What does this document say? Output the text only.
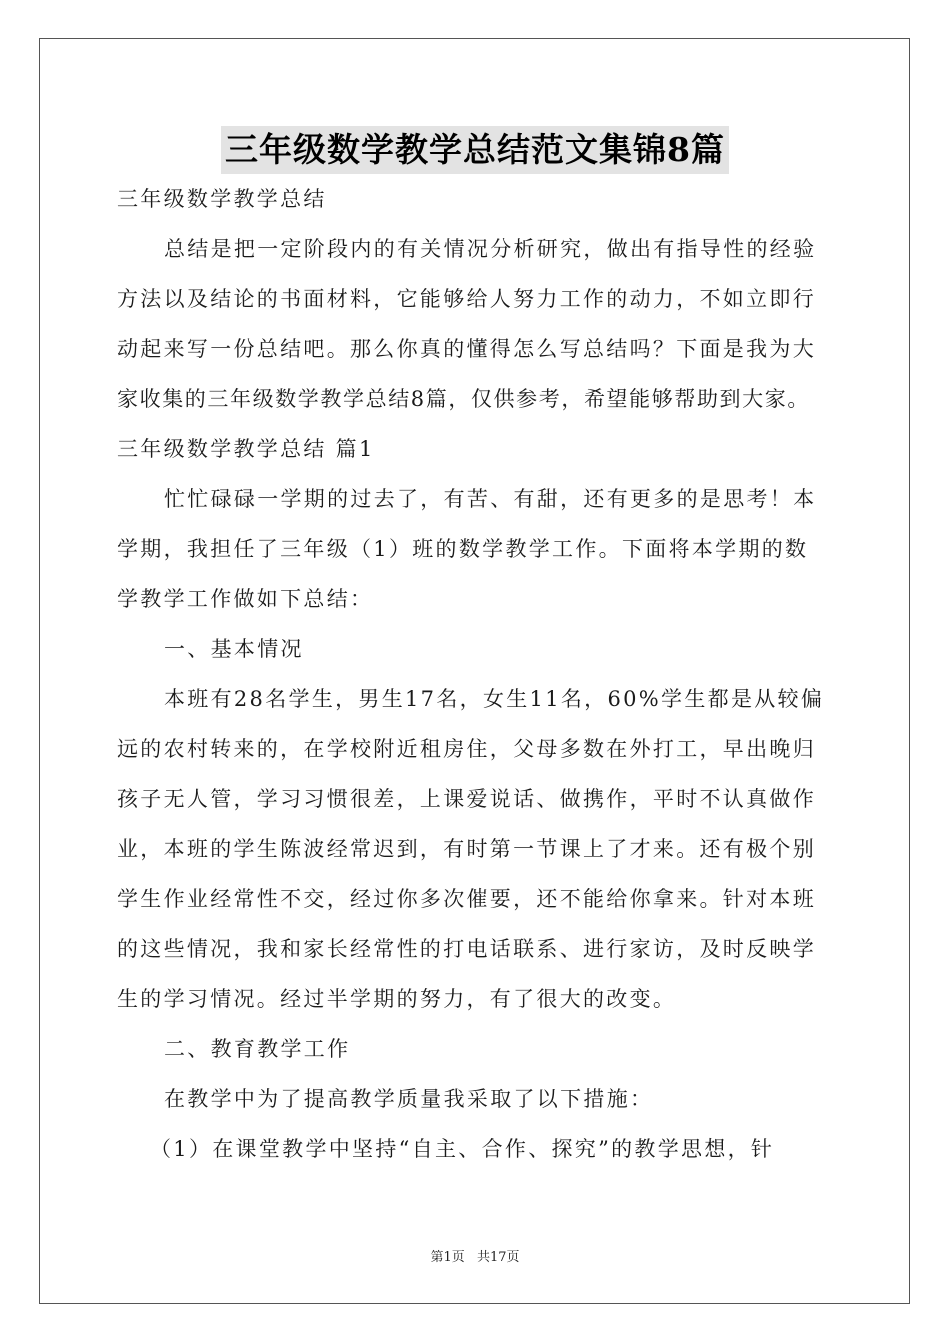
三年级数学教学总结范文集锦8篇
三年级数学教学总结
总结是把一定阶段内的有关情况分析研究，做出有指导性的经验
方法以及结论的书面材料，它能够给人努力工作的动力，不如立即行
动起来写一份总结吧。那么你真的懂得怎么写总结吗？下面是我为大
家收集的三年级数学教学总结8篇，仅供参考，希望能够帮助到大家。
三年级数学教学总结 篇1
忙忙碌碌一学期的过去了，有苦、有甜，还有更多的是思考！本
学期，我担任了三年级（1）班的数学教学工作。下面将本学期的数
学教学工作做如下总结：
一、基本情况
本班有28名学生，男生17名，女生11名，60%学生都是从较偏
远的农村转来的，在学校附近租房住，父母多数在外打工，早出晚归
孩子无人管，学习习惯很差，上课爱说话、做携作，平时不认真做作
业，本班的学生陈波经常迟到，有时第一节课上了才来。还有极个别
学生作业经常性不交，经过你多次催要，还不能给你拿来。针对本班
的这些情况，我和家长经常性的打电话联系、进行家访，及时反映学
生的学习情况。经过半学期的努力，有了很大的改变。
二、教育教学工作
在教学中为了提高教学质量我采取了以下措施：
（1）在课堂教学中坚持“自主、合作、探究”的教学思想，针
第1页 共17页
